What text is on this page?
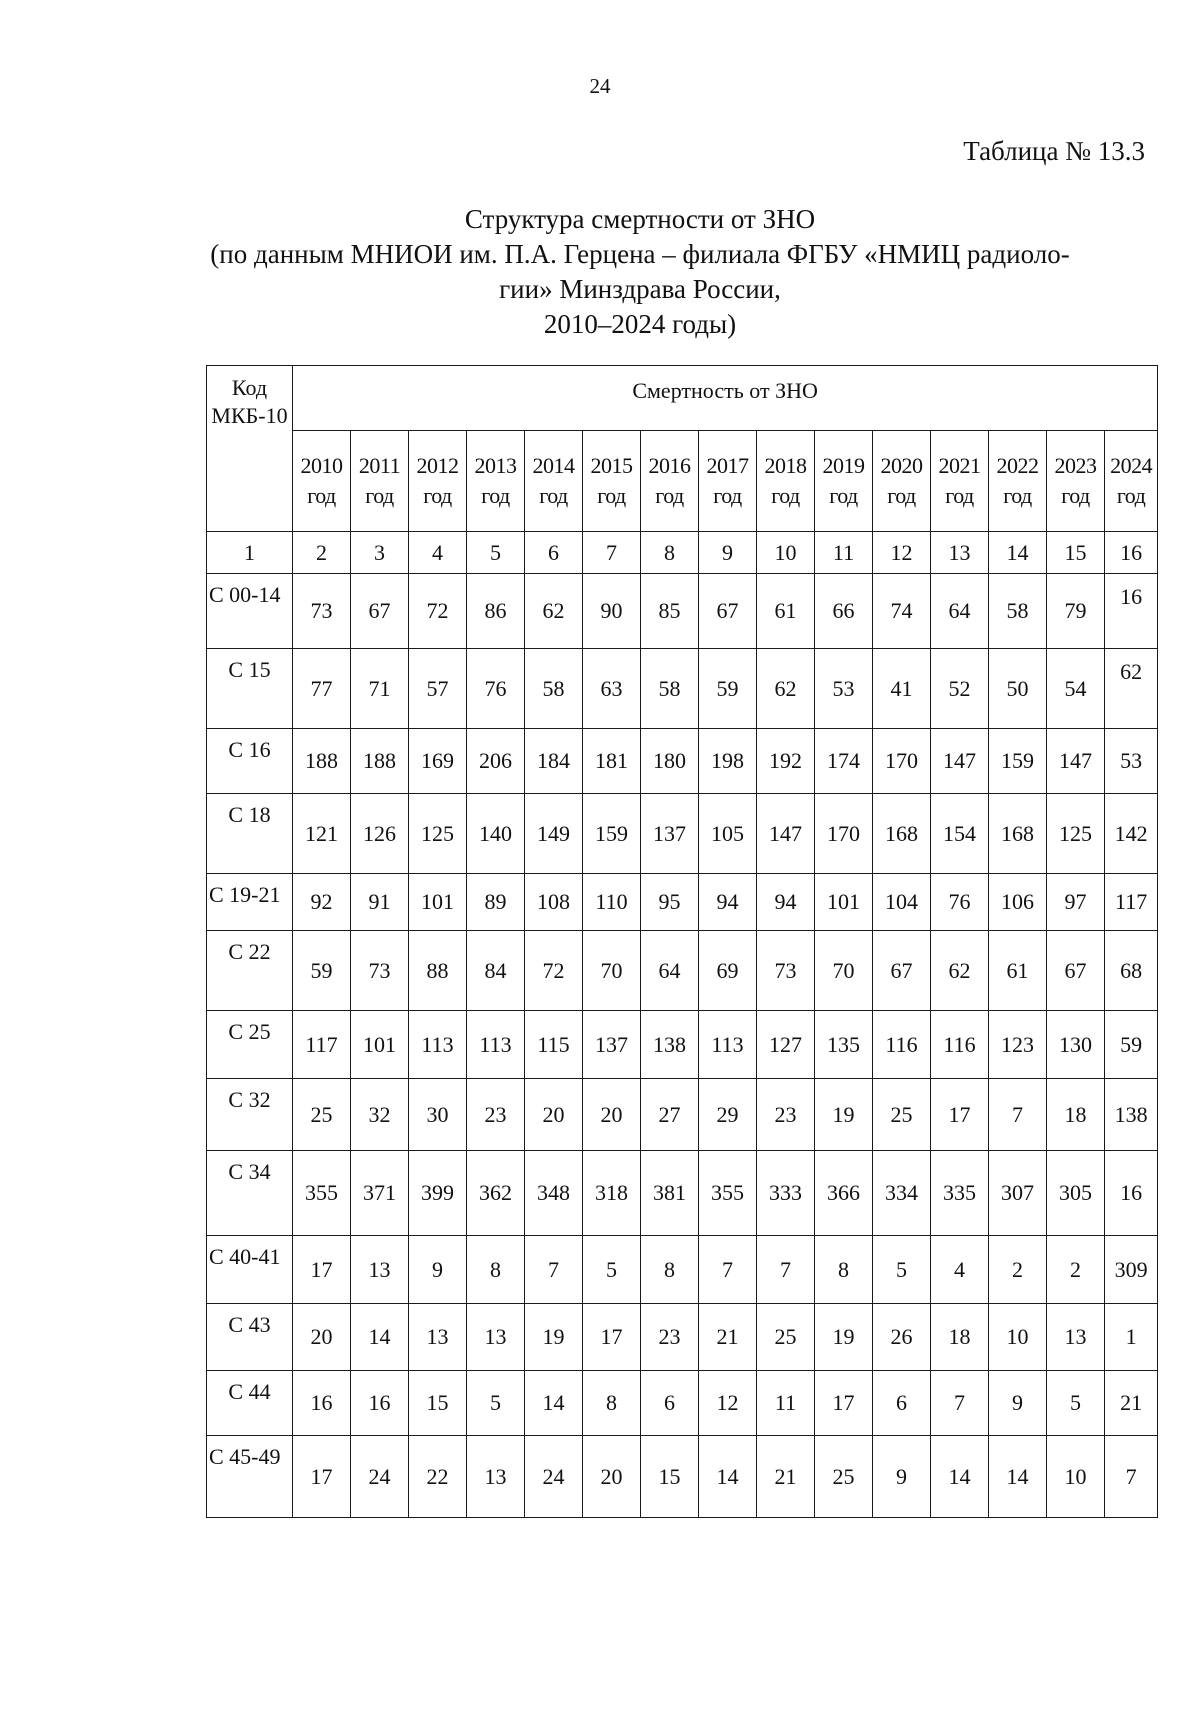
24
Таблица № 13.3
Структура смертности от ЗНО
(по данным МНИОИ им. П.А. Герцена – филиала ФГБУ «НМИЦ радиоло-
гии» Минздрава России,
2010–2024 годы)
Код МКБ-10	Смертность от ЗНО														
	2010 год	2011 год	2012 год	2013 год	2014 год	2015 год	2016 год	2017 год	2018 год	2019 год	2020 год	2021 год	2022 год	2023 год	2024 год
1	2	3	4	5	6	7	8	9	10	11	12	13	14	15	16
С 00-14	73	67	72	86	62	90	85	67	61	66	74	64	58	79	16
С 15	77	71	57	76	58	63	58	59	62	53	41	52	50	54	62
С 16	188	188	169	206	184	181	180	198	192	174	170	147	159	147	53
С 18	121	126	125	140	149	159	137	105	147	170	168	154	168	125	142
С 19-21	92	91	101	89	108	110	95	94	94	101	104	76	106	97	117
С 22	59	73	88	84	72	70	64	69	73	70	67	62	61	67	68
С 25	117	101	113	113	115	137	138	113	127	135	116	116	123	130	59
С 32	25	32	30	23	20	20	27	29	23	19	25	17	7	18	138
С 34	355	371	399	362	348	318	381	355	333	366	334	335	307	305	16
С 40-41	17	13	9	8	7	5	8	7	7	8	5	4	2	2	309
С 43	20	14	13	13	19	17	23	21	25	19	26	18	10	13	1
С 44	16	16	15	5	14	8	6	12	11	17	6	7	9	5	21
С 45-49	17	24	22	13	24	20	15	14	21	25	9	14	14	10	7
